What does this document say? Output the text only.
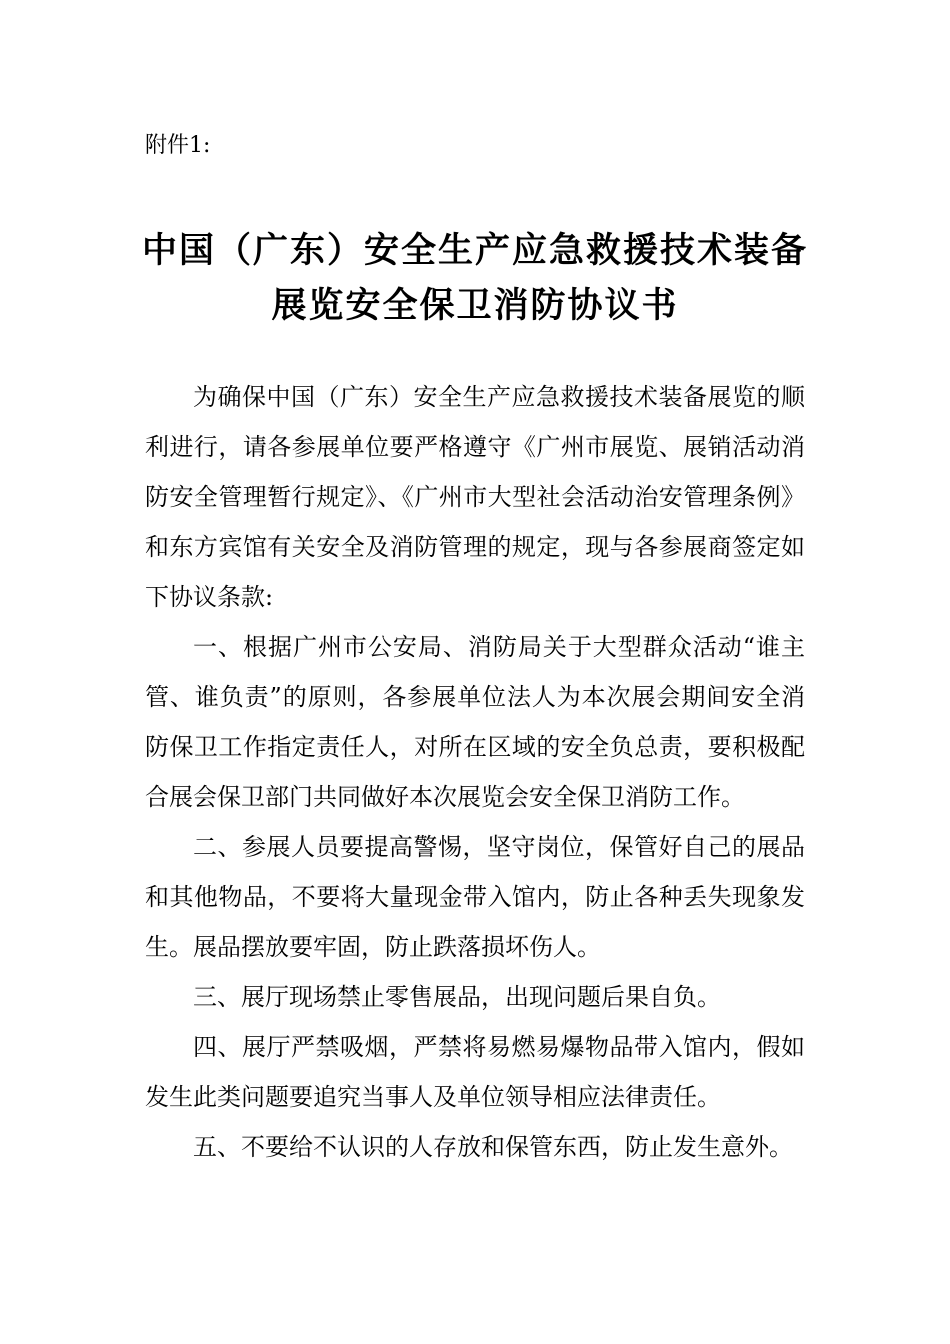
附件1:
中国（广东）安全生产应急救援技术装备
展览安全保卫消防协议书

为确保中国（广东）安全生产应急救援技术装备展览的顺利进行，请各参展单位要严格遵守《广州市展览、展销活动消防安全管理暂行规定》、《广州市大型社会活动治安管理条例》和东方宾馆有关安全及消防管理的规定，现与各参展商签定如下协议条款:

一、根据广州市公安局、消防局关于大型群众活动“谁主管、谁负责”的原则，各参展单位法人为本次展会期间安全消防保卫工作指定责任人，对所在区域的安全负总责，要积极配合展会保卫部门共同做好本次展览会安全保卫消防工作。

二、参展人员要提高警惕，坚守岗位，保管好自己的展品和其他物品，不要将大量现金带入馆内，防止各种丢失现象发生。展品摆放要牢固，防止跌落损坏伤人。

三、展厅现场禁止零售展品，出现问题后果自负。

四、展厅严禁吸烟，严禁将易燃易爆物品带入馆内，假如发生此类问题要追究当事人及单位领导相应法律责任。

五、不要给不认识的人存放和保管东西，防止发生意外。
